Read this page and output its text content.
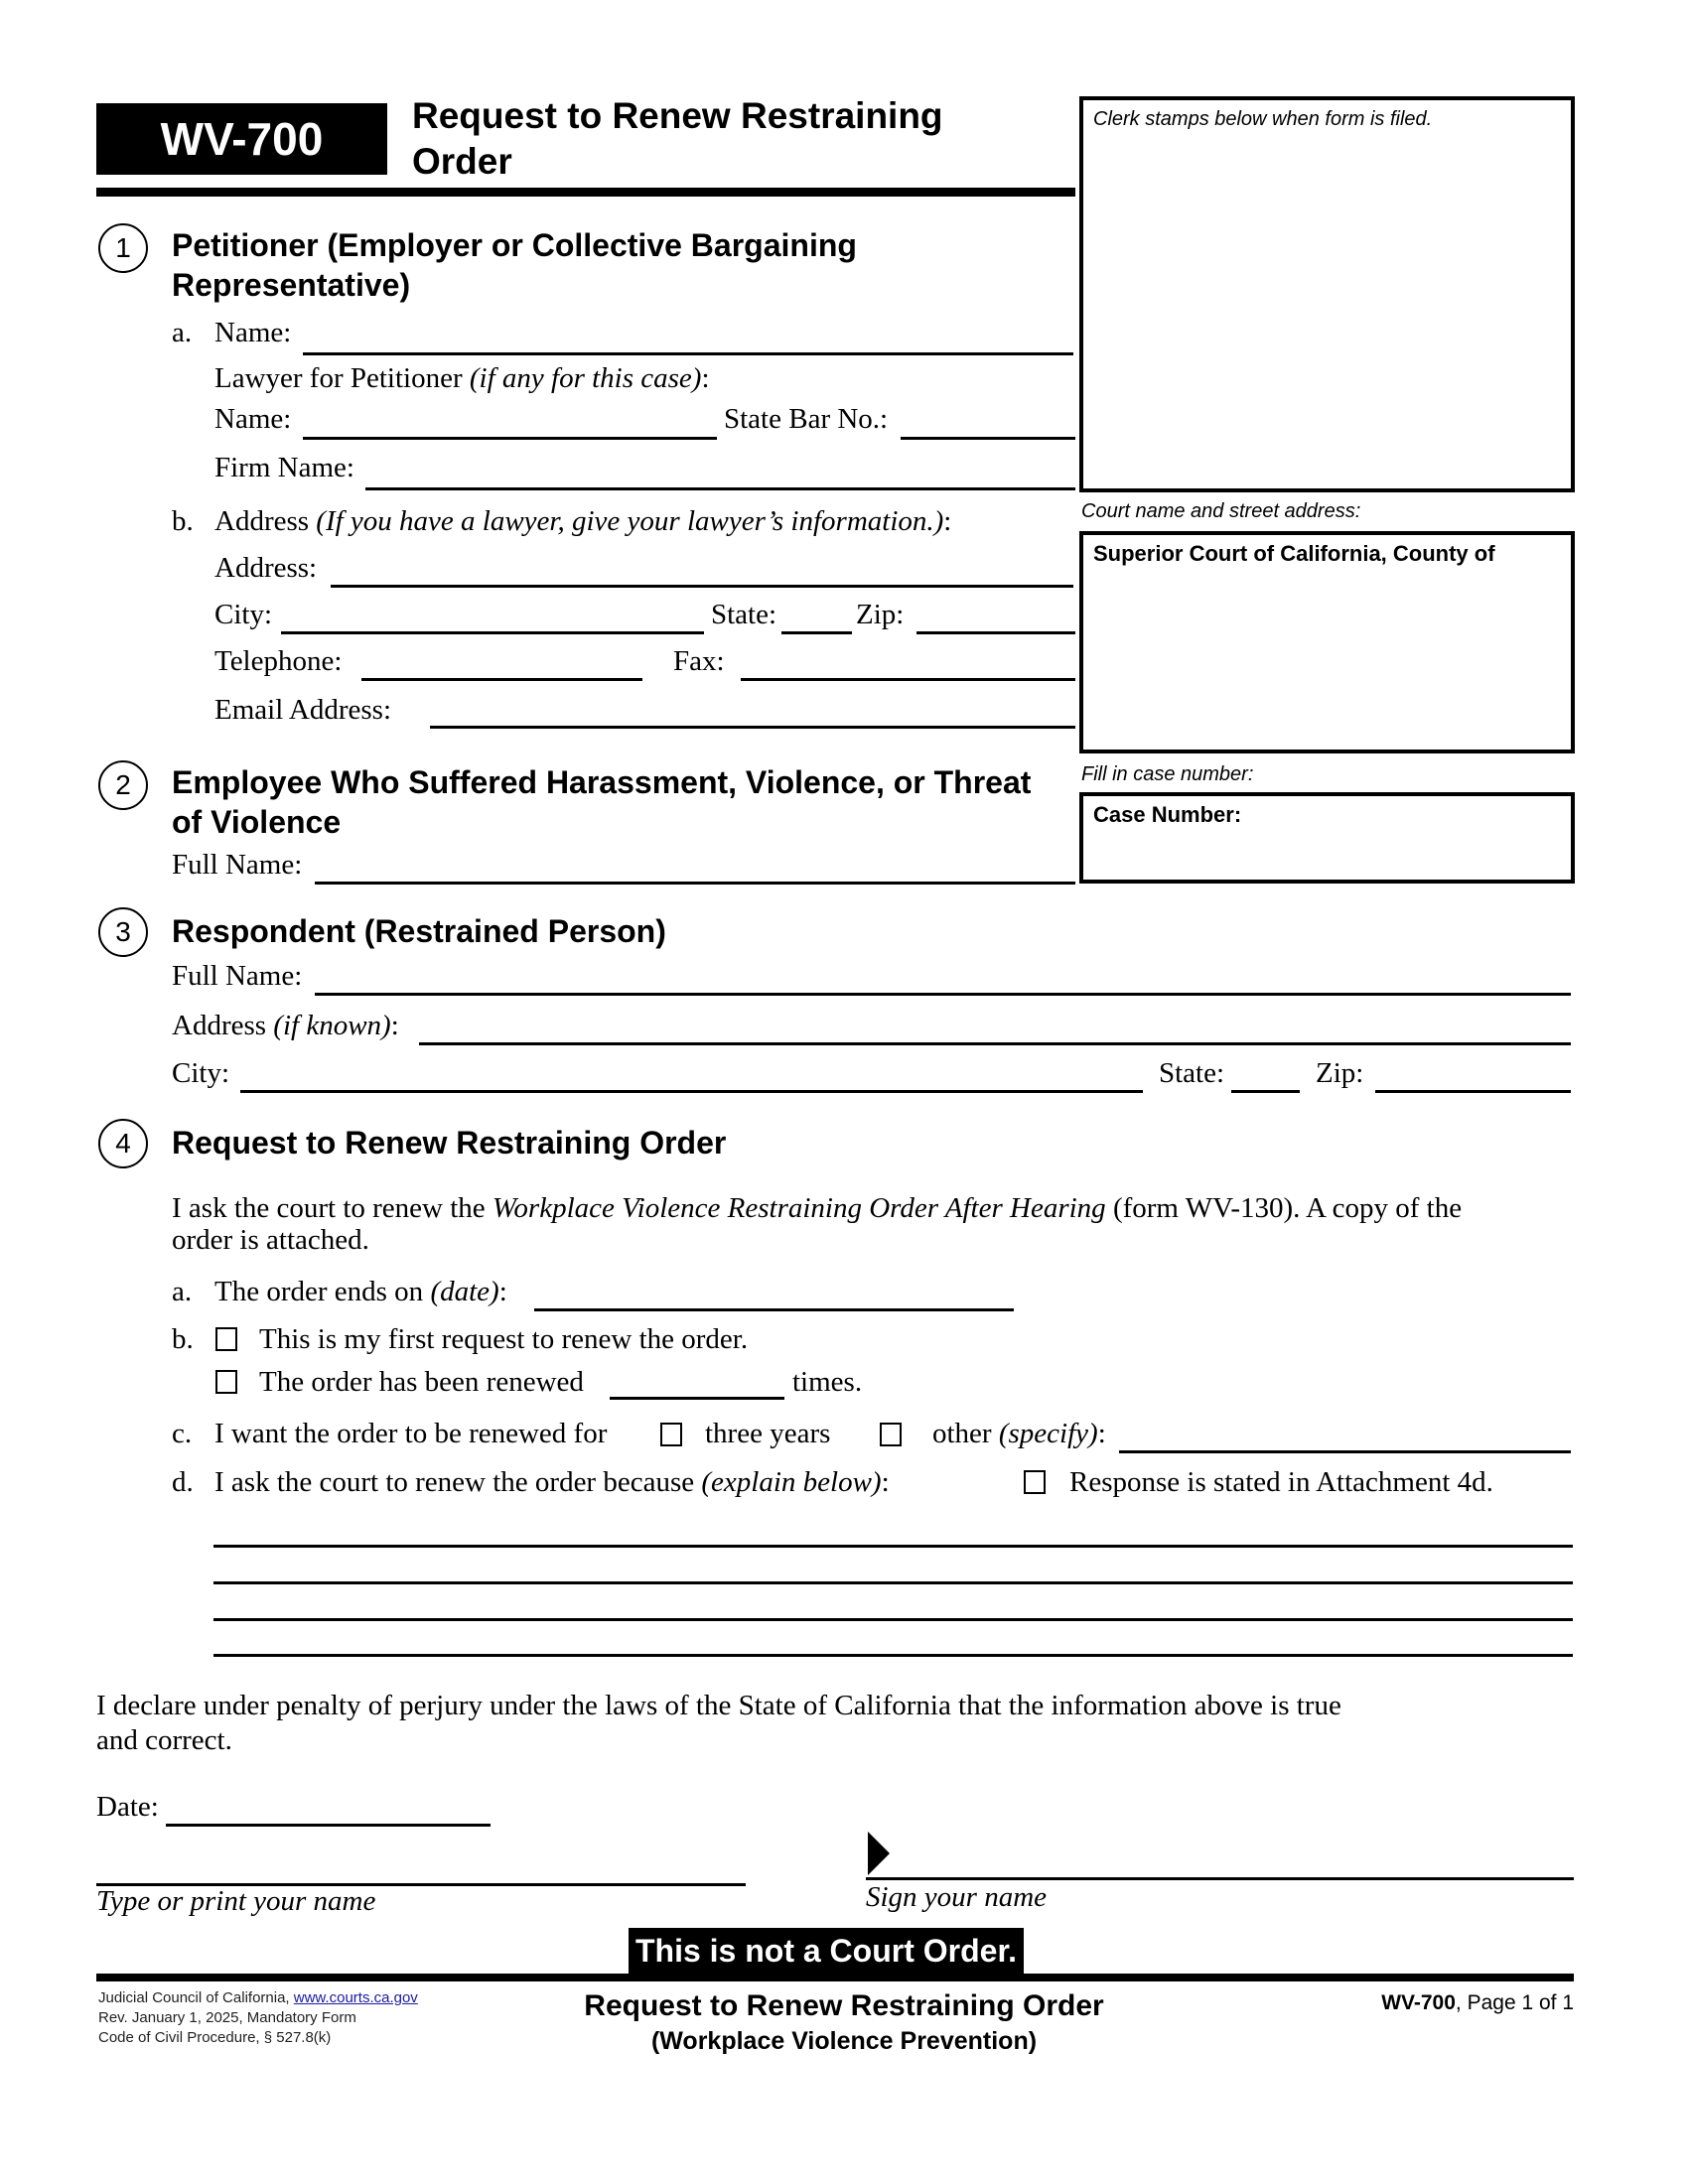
WV-700	Request to Renew Restraining
Order
Clerk stamps below when form is filed.
Court name and street address:
Superior Court of California, County of
Fill in case number:
Case Number:
1	Petitioner (Employer or Collective Bargaining
Representative)
a. Name:
Lawyer for Petitioner (if any for this case):
Name:	State Bar No.:
Firm Name:
b. Address (If you have a lawyer, give your lawyer’s information.):
Address:
City:	State:	Zip:
Telephone:	Fax:
Email Address:
2	Employee Who Suffered Harassment, Violence, or Threat
of Violence
Full Name:
3	Respondent (Restrained Person)
Full Name:
Address (if known):
City:	State:	Zip:
4	Request to Renew Restraining Order
I ask the court to renew the Workplace Violence Restraining Order After Hearing (form WV-130). A copy of the
order is attached.
a. The order ends on (date):
b. This is my first request to renew the order.
The order has been renewed	times.
c. I want the order to be renewed for	three years	other (specify):
d. I ask the court to renew the order because (explain below):	Response is stated in Attachment 4d.
I declare under penalty of perjury under the laws of the State of California that the information above is true
and correct.
Date:
Type or print your name	Sign your name
This is not a Court Order.
Judicial Council of California, www.courts.ca.gov
Rev. January 1, 2025, Mandatory Form
Code of Civil Procedure, § 527.8(k)
Request to Renew Restraining Order
(Workplace Violence Prevention)
WV-700, Page 1 of 1
